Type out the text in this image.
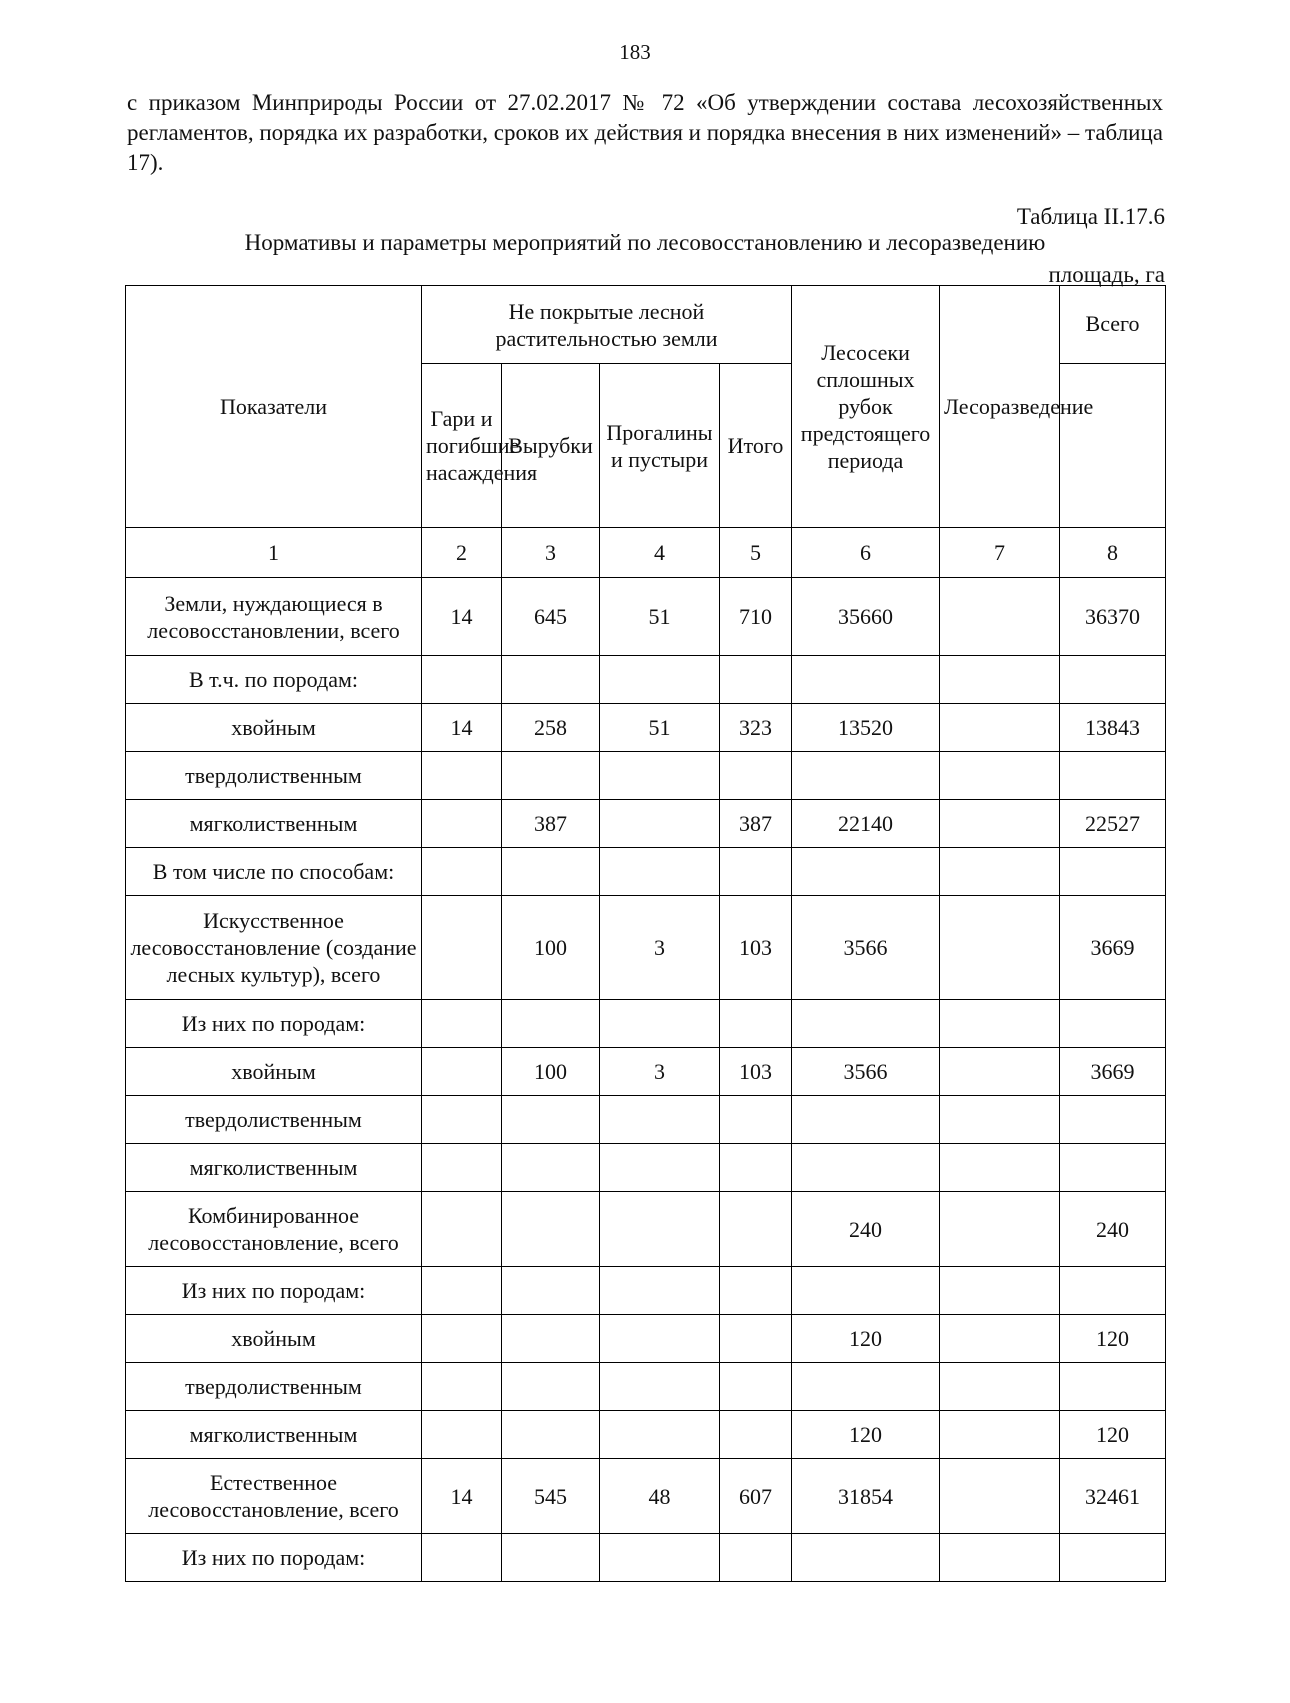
183
с приказом Минприроды России от 27.02.2017 № 72 «Об утверждении состава лесохозяйственных регламентов, порядка их разработки, сроков их действия и порядка внесения в них изменений» – таблица 17).
Таблица II.17.6
Нормативы и параметры мероприятий по лесовосстановлению и лесоразведению
площадь, га
Показатели	Не покрытые лесной растительностью земли				Лесосеки сплошных рубок предстоящего периода	Лесоразведение	Всего
	Гари и погибшие насаждения	Вырубки	Прогалины и пустыри	Итого			
1	2	3	4	5	6	7	8
Земли, нуждающиеся в лесовосстановлении, всего	14	645	51	710	35660		36370
В т.ч. по породам:							
хвойным	14	258	51	323	13520		13843
твердолиственным							
мягколиственным		387		387	22140		22527
В том числе по способам:							
Искусственное лесовосстановление (создание лесных культур), всего		100	3	103	3566		3669
Из них по породам:							
хвойным		100	3	103	3566		3669
твердолиственным							
мягколиственным							
Комбинированное лесовосстановление, всего					240		240
Из них по породам:							
хвойным					120		120
твердолиственным							
мягколиственным					120		120
Естественное лесовосстановление, всего	14	545	48	607	31854		32461
Из них по породам:							
